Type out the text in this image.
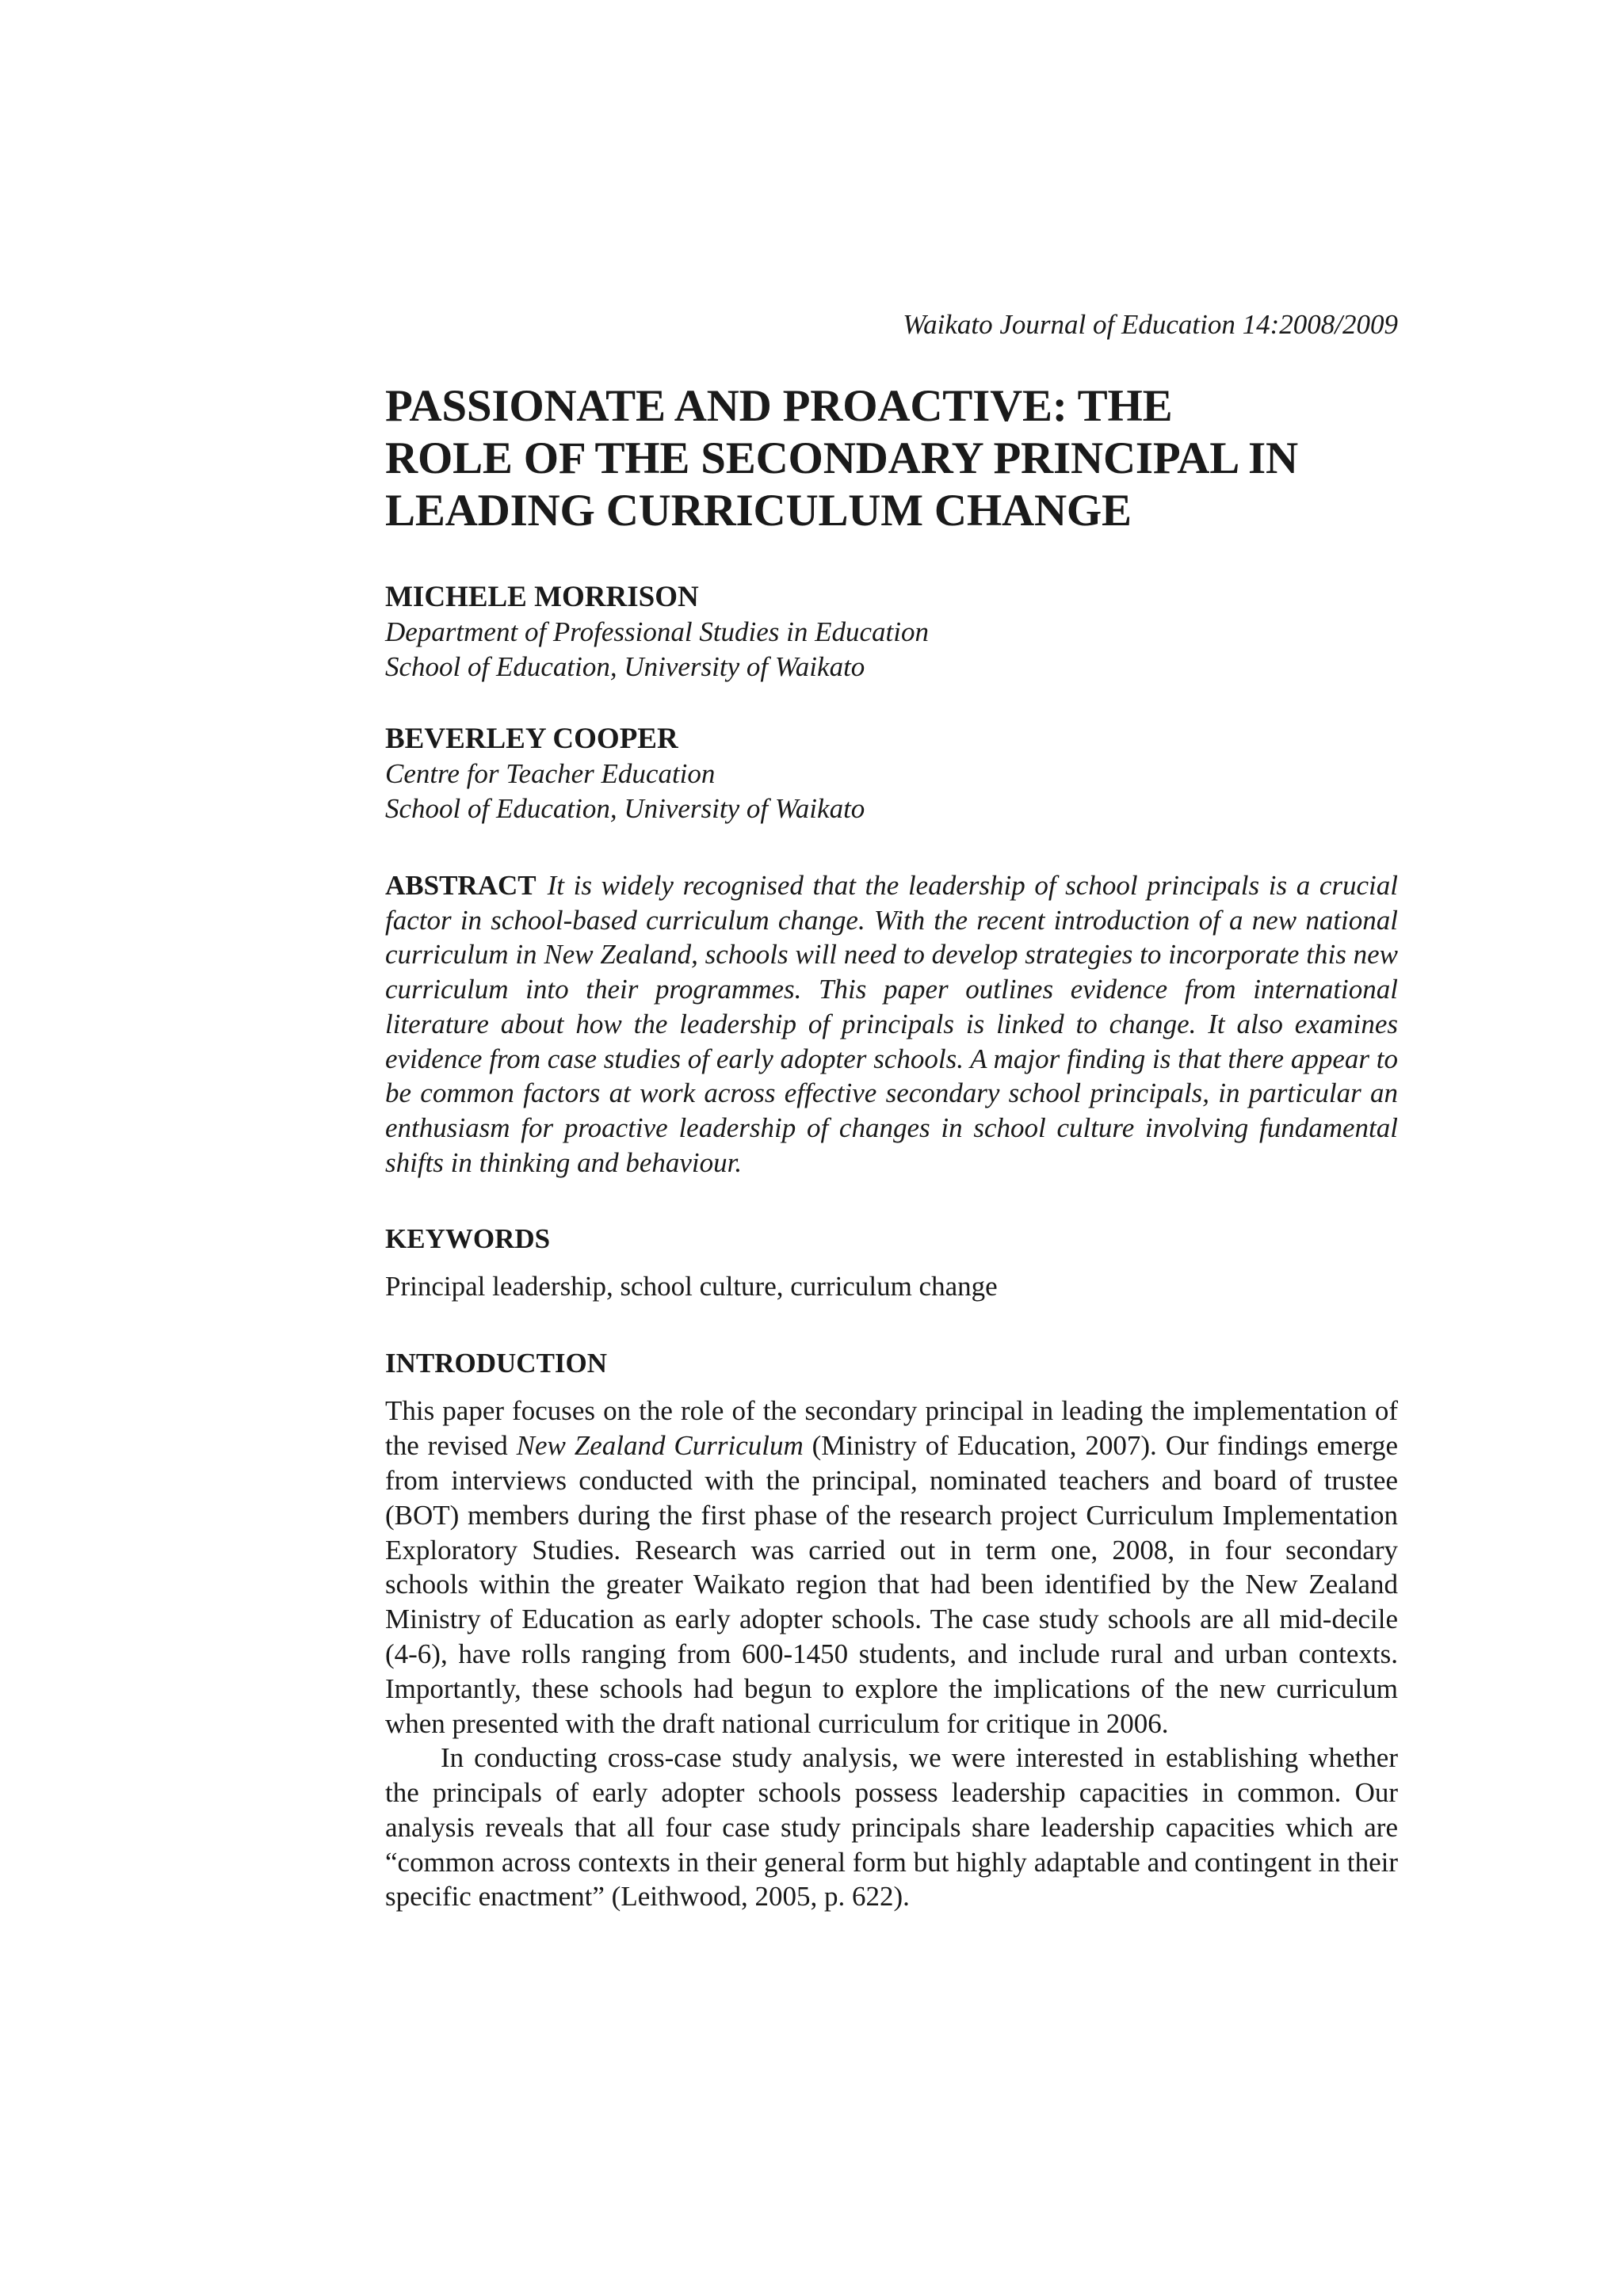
Waikato Journal of Education 14:2008/2009
PASSIONATE AND PROACTIVE: THE
ROLE OF THE SECONDARY PRINCIPAL IN
LEADING CURRICULUM CHANGE
MICHELE MORRISON
Department of Professional Studies in Education
School of Education, University of Waikato
BEVERLEY COOPER
Centre for Teacher Education
School of Education, University of Waikato
ABSTRACT It is widely recognised that the leadership of school principals is a crucial factor in school-based curriculum change. With the recent introduction of a new national curriculum in New Zealand, schools will need to develop strategies to incorporate this new curriculum into their programmes. This paper outlines evidence from international literature about how the leadership of principals is linked to change. It also examines evidence from case studies of early adopter schools. A major finding is that there appear to be common factors at work across effective secondary school principals, in particular an enthusiasm for proactive leadership of changes in school culture involving fundamental shifts in thinking and behaviour.
KEYWORDS
Principal leadership, school culture, curriculum change
INTRODUCTION

This paper focuses on the role of the secondary principal in leading the implementation of the revised New Zealand Curriculum (Ministry of Education, 2007). Our findings emerge from interviews conducted with the principal, nominated teachers and board of trustee (BOT) members during the first phase of the research project Curriculum Implementation Exploratory Studies. Research was carried out in term one, 2008, in four secondary schools within the greater Waikato region that had been identified by the New Zealand Ministry of Education as early adopter schools. The case study schools are all mid-decile (4-6), have rolls ranging from 600-1450 students, and include rural and urban contexts. Importantly, these schools had begun to explore the implications of the new curriculum when presented with the draft national curriculum for critique in 2006.

In conducting cross-case study analysis, we were interested in establishing whether the principals of early adopter schools possess leadership capacities in common. Our analysis reveals that all four case study principals share leadership capacities which are “common across contexts in their general form but highly adaptable and contingent in their specific enactment” (Leithwood, 2005, p. 622).
